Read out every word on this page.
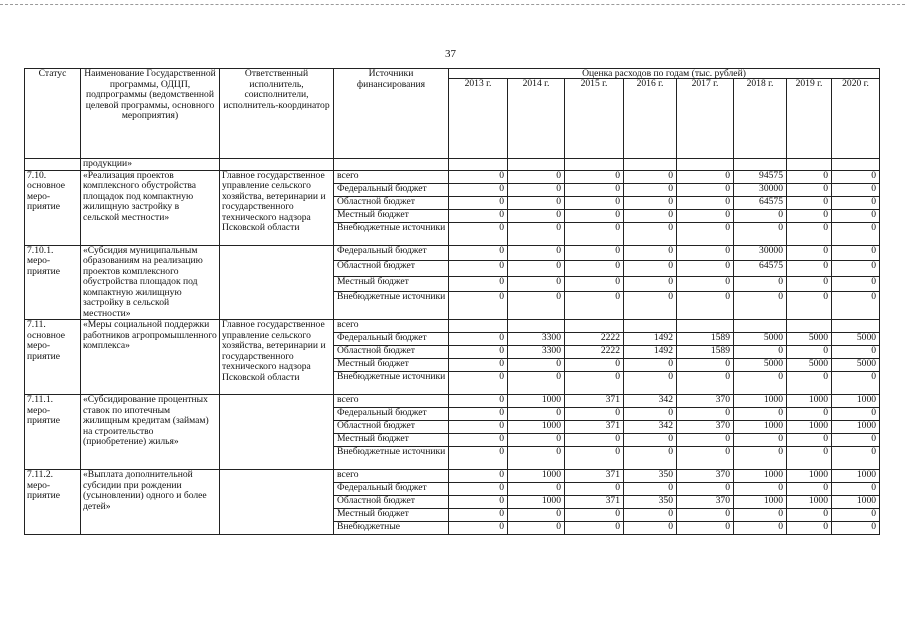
37
Статус	Наименование Государственной программы, ОДЦП, подпрограммы (ведомственной целевой программы, основного мероприятия)	Ответственный исполнитель, соисполнители, исполнитель-координатор	Источники финансирования	Оценка расходов по годам (тыс. рублей)							
				2013 г.	2014 г.	2015 г.	2016 г.	2017 г.	2018 г.	2019 г.	2020 г.
	продукции»										
7.10. основное меро- приятие	«Реализация проектов комплексного обустройства площадок под компактную жилищную застройку в сельской местности»	Главное государственное управление сельского хозяйства, ветеринарии и государственного технического надзора Псковской области	всего	0	0	0	0	0	94575	0	0
			Федеральный бюджет	0	0	0	0	0	30000	0	0
			Областной бюджет	0	0	0	0	0	64575	0	0
			Местный бюджет	0	0	0	0	0	0	0	0
			Внебюджетные источники	0	0	0	0	0	0	0	0
7.10.1. меро- приятие	«Субсидия муниципальным образованиям на реализацию проектов комплексного обустройства площадок под компактную жилищную застройку в сельской местности»		Федеральный бюджет	0	0	0	0	0	30000	0	0
			Областной бюджет	0	0	0	0	0	64575	0	0
			Местный бюджет	0	0	0	0	0	0	0	0
			Внебюджетные источники	0	0	0	0	0	0	0	0
7.11. основное меро- приятие	«Меры социальной поддержки работников агропромышленного комплекса»	Главное государственное управление сельского хозяйства, ветеринарии и государственного технического надзора Псковской области	всего								
			Федеральный бюджет	0	3300	2222	1492	1589	5000	5000	5000
			Областной бюджет	0	3300	2222	1492	1589	0	0	0
			Местный бюджет	0	0	0	0	0	5000	5000	5000
			Внебюджетные источники	0	0	0	0	0	0	0	0
7.11.1. меро- приятие	«Субсидирование процентных ставок по ипотечным жилищным кредитам (займам) на строительство (приобретение) жилья»		всего	0	1000	371	342	370	1000	1000	1000
			Федеральный бюджет	0	0	0	0	0	0	0	0
			Областной бюджет	0	1000	371	342	370	1000	1000	1000
			Местный бюджет	0	0	0	0	0	0	0	0
			Внебюджетные источники	0	0	0	0	0	0	0	0
7.11.2. меро- приятие	«Выплата дополнительной субсидии при рождении (усыновлении) одного и более детей»		всего	0	1000	371	350	370	1000	1000	1000
			Федеральный бюджет	0	0	0	0	0	0	0	0
			Областной бюджет	0	1000	371	350	370	1000	1000	1000
			Местный бюджет	0	0	0	0	0	0	0	0
			Внебюджетные	0	0	0	0	0	0	0	0
